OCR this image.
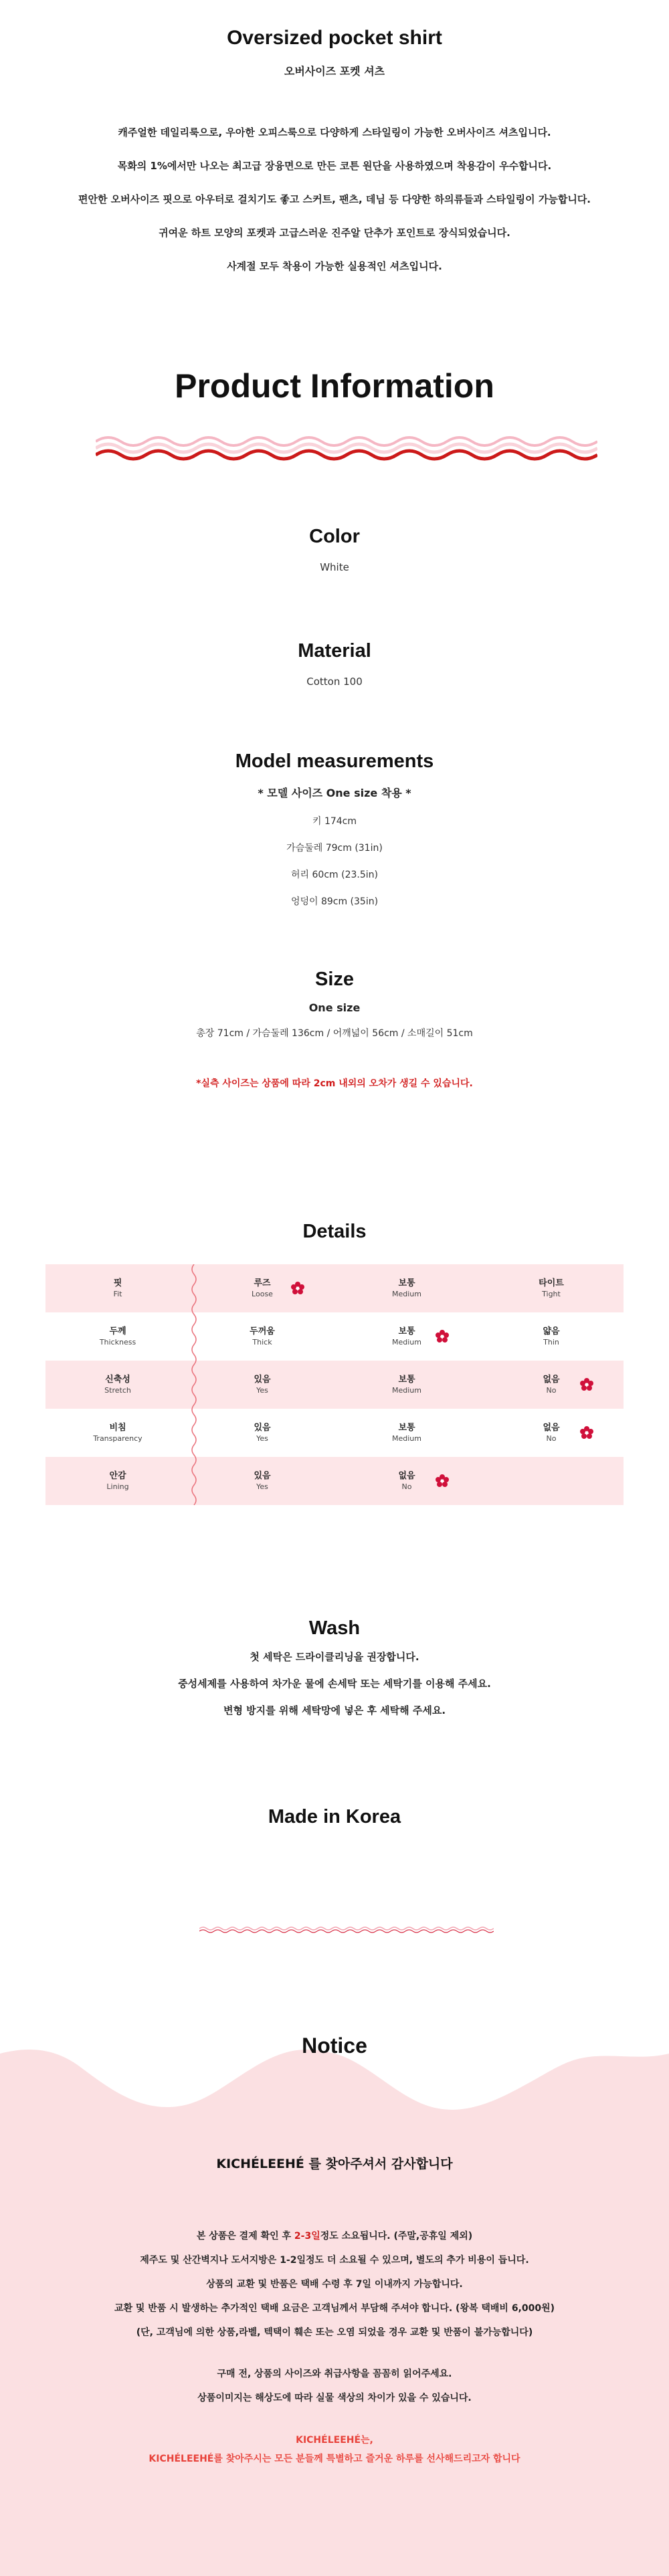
Oversized pocket shirt
오버사이즈 포켓 셔츠

캐주얼한 데일리룩으로, 우아한 오피스룩으로 다양하게 스타일링이 가능한 오버사이즈 셔츠입니다.

목화의 1%에서만 나오는 최고급 장융면으로 만든 코튼 원단을 사용하였으며 착용감이 우수합니다.

편안한 오버사이즈 핏으로 아우터로 걸치기도 좋고 스커트, 팬츠, 데님 등 다양한 하의류들과 스타일링이 가능합니다.

귀여운 하트 모양의 포켓과 고급스러운 진주알 단추가 포인트로 장식되었습니다.

사계절 모두 착용이 가능한 실용적인 셔츠입니다.

Product Information
Color
White
Material
Cotton 100
Model measurements
* 모델 사이즈 One size 착용 *
키 174cm
가슴둘레 79cm (31in)
허리 60cm (23.5in)
엉덩이 89cm (35in)
Size
One size
총장 71cm / 가슴둘레 136cm / 어깨넓이 56cm / 소매길이 51cm
*실측 사이즈는 상품에 따라 2cm 내외의 오차가 생길 수 있습니다.
Details
핏
Fit
루즈
Loose
보통
Medium
타이트
Tight
두께
Thickness
두꺼움
Thick
보통
Medium
얇음
Thin
신축성
Stretch
있음
Yes
보통
Medium
없음
No
비침
Transparency
있음
Yes
보통
Medium
없음
No
안감
Lining
있음
Yes
없음
No
Wash

첫 세탁은 드라이클리닝을 권장합니다.

중성세제를 사용하여 차가운 물에 손세탁 또는 세탁기를 이용해 주세요.

변형 방지를 위해 세탁망에 넣은 후 세탁해 주세요.

Made in Korea
Notice
KICHÉLEEHÉ 를 찾아주셔서 감사합니다

본 상품은 결제 확인 후 2-3일정도 소요됩니다. (주말,공휴일 제외)

제주도 및 산간벽지나 도서지방은 1-2일정도 더 소요될 수 있으며, 별도의 추가 비용이 듭니다.

상품의 교환 및 반품은 택배 수령 후 7일 이내까지 가능합니다.

교환 및 반품 시 발생하는 추가적인 택배 요금은 고객님께서 부담해 주셔야 합니다. (왕복 택배비 6,000원)

(단, 고객님에 의한 상품,라벨, 텍택이 훼손 또는 오염 되었을 경우 교환 및 반품이 불가능합니다)

구매 전, 상품의 사이즈와 취급사항을 꼼꼼히 읽어주세요.

상품이미지는 해상도에 따라 실물 색상의 차이가 있을 수 있습니다.

KICHÉLEEHÉ는,

KICHÉLEEHÉ를 찾아주시는 모든 분들께 특별하고 즐거운 하루를 선사해드리고자 합니다
